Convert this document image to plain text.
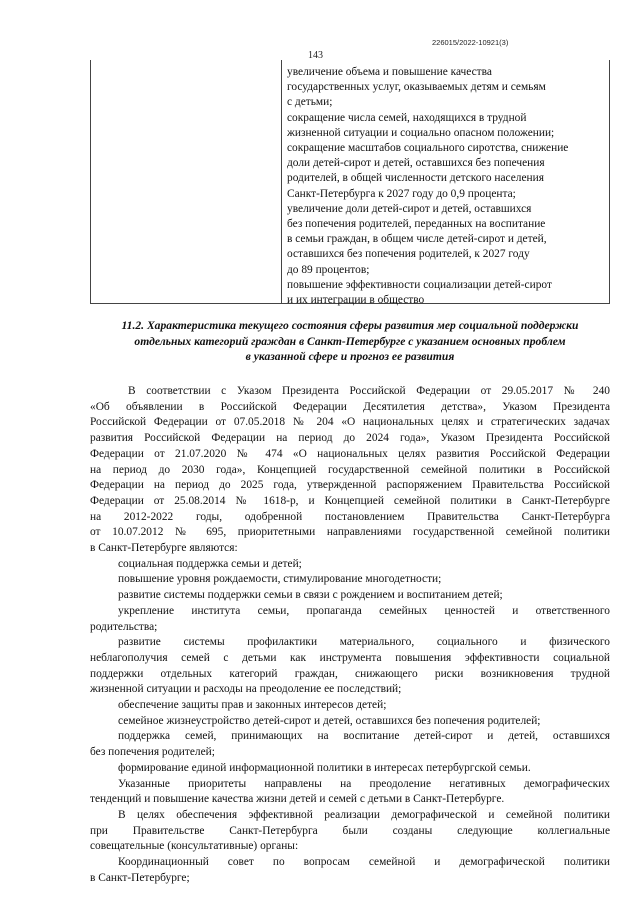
226015/2022-10921(3)
143
увеличение объема и повышение качества
государственных услуг, оказываемых детям и семьям
с детьми;
сокращение числа семей, находящихся в трудной
жизненной ситуации и социально опасном положении;
сокращение масштабов социального сиротства, снижение
доли детей-сирот и детей, оставшихся без попечения
родителей, в общей численности детского населения
Санкт-Петербурга к 2027 году до 0,9 процента;
увеличение доли детей-сирот и детей, оставшихся
без попечения родителей, переданных на воспитание
в семьи граждан, в общем числе детей-сирот и детей,
оставшихся без попечения родителей, к 2027 году
до 89 процентов;
повышение эффективности социализации детей-сирот
и их интеграции в общество
11.2. Характеристика текущего состояния сферы развития мер социальной поддержки
отдельных категорий граждан в Санкт-Петербурге с указанием основных проблем
в указанной сфере и прогноз ее развития
В соответствии с Указом Президента Российской Федерации от 29.05.2017 № 240
«Об объявлении в Российской Федерации Десятилетия детства», Указом Президента
Российской Федерации от 07.05.2018 № 204 «О национальных целях и стратегических задачах
развития Российской Федерации на период до 2024 года», Указом Президента Российской
Федерации от 21.07.2020 № 474 «О национальных целях развития Российской Федерации
на период до 2030 года», Концепцией государственной семейной политики в Российской
Федерации на период до 2025 года, утвержденной распоряжением Правительства Российской
Федерации от 25.08.2014 № 1618-р, и Концепцией семейной политики в Санкт-Петербурге
на 2012-2022 годы, одобренной постановлением Правительства Санкт-Петербурга
от 10.07.2012 № 695, приоритетными направлениями государственной семейной политики
в Санкт-Петербурге являются:
социальная поддержка семьи и детей;
повышение уровня рождаемости, стимулирование многодетности;
развитие системы поддержки семьи в связи с рождением и воспитанием детей;
укрепление института семьи, пропаганда семейных ценностей и ответственного
родительства;
развитие системы профилактики материального, социального и физического
неблагополучия семей с детьми как инструмента повышения эффективности социальной
поддержки отдельных категорий граждан, снижающего риски возникновения трудной
жизненной ситуации и расходы на преодоление ее последствий;
обеспечение защиты прав и законных интересов детей;
семейное жизнеустройство детей-сирот и детей, оставшихся без попечения родителей;
поддержка семей, принимающих на воспитание детей-сирот и детей, оставшихся
без попечения родителей;
формирование единой информационной политики в интересах петербургской семьи.
Указанные приоритеты направлены на преодоление негативных демографических
тенденций и повышение качества жизни детей и семей с детьми в Санкт-Петербурге.
В целях обеспечения эффективной реализации демографической и семейной политики
при Правительстве Санкт-Петербурга были созданы следующие коллегиальные
совещательные (консультативные) органы:
Координационный совет по вопросам семейной и демографической политики
в Санкт-Петербурге;
